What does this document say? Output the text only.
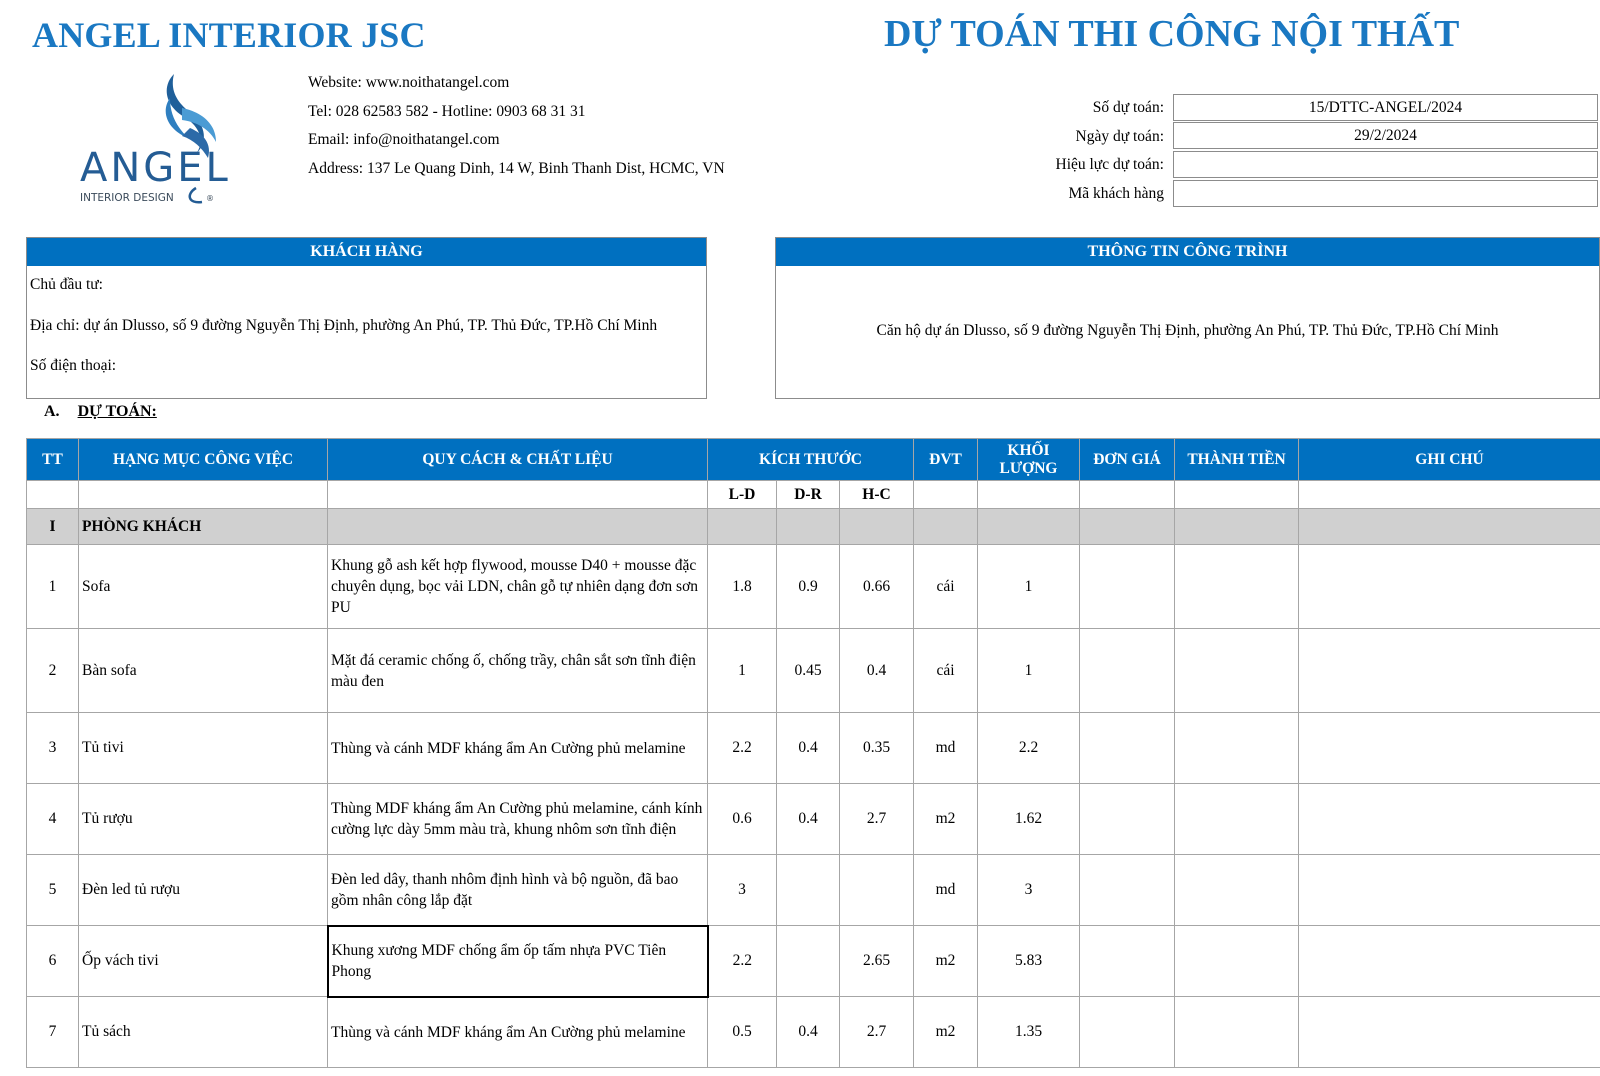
ANGEL INTERIOR JSC	DỰ TOÁN THI CÔNG NỘI THẤT
ANGEL
INTERIOR DESIGN	®
Website: www.noithatangel.com
Tel: 028 62583 582 - Hotline: 0903 68 31 31
Email: info@noithatangel.com
Address: 137 Le Quang Dinh, 14 W, Binh Thanh Dist, HCMC, VN
Số dự toán:	15/DTTC-ANGEL/2024
Ngày dự toán:	29/2/2024
Hiệu lực dự toán:
Mã khách hàng
KHÁCH HÀNG
Chủ đầu tư:
Địa chỉ: dự án Dlusso, số 9 đường Nguyễn Thị Định, phường An Phú, TP. Thủ Đức, TP.Hồ Chí Minh
Số điện thoại:
THÔNG TIN CÔNG TRÌNH
Căn hộ dự án Dlusso, số 9 đường Nguyễn Thị Định, phường An Phú, TP. Thủ Đức, TP.Hồ Chí Minh
A. DỰ TOÁN:
TT	HẠNG MỤC CÔNG VIỆC	QUY CÁCH & CHẤT LIỆU	KÍCH THƯỚC			ĐVT	KHỐI LƯỢNG	ĐƠN GIÁ	THÀNH TIỀN	GHI CHÚ
			L-D	D-R	H-C					
I	PHÒNG KHÁCH									
1	Sofa	Khung gỗ ash kết hợp flywood, mousse D40 + mousse đặc chuyên dụng, bọc vải LDN, chân gỗ tự nhiên dạng đơn sơn PU	1.8	0.9	0.66	cái	1			
2	Bàn sofa	Mặt đá ceramic chống ố, chống trầy, chân sắt sơn tĩnh điện màu đen	1	0.45	0.4	cái	1			
3	Tủ tivi	Thùng và cánh MDF kháng ẩm An Cường phủ melamine	2.2	0.4	0.35	md	2.2			
4	Tủ rượu	Thùng MDF kháng ẩm An Cường phủ melamine, cánh kính cường lực dày 5mm màu trà, khung nhôm sơn tĩnh điện	0.6	0.4	2.7	m2	1.62			
5	Đèn led tủ rượu	Đèn led dây, thanh nhôm định hình và bộ nguồn, đã bao gồm nhân công lắp đặt	3			md	3			
6	Ốp vách tivi	Khung xương MDF chống ẩm ốp tấm nhựa PVC Tiên Phong	2.2		2.65	m2	5.83			
7	Tủ sách	Thùng và cánh MDF kháng ẩm An Cường phủ melamine	0.5	0.4	2.7	m2	1.35			
